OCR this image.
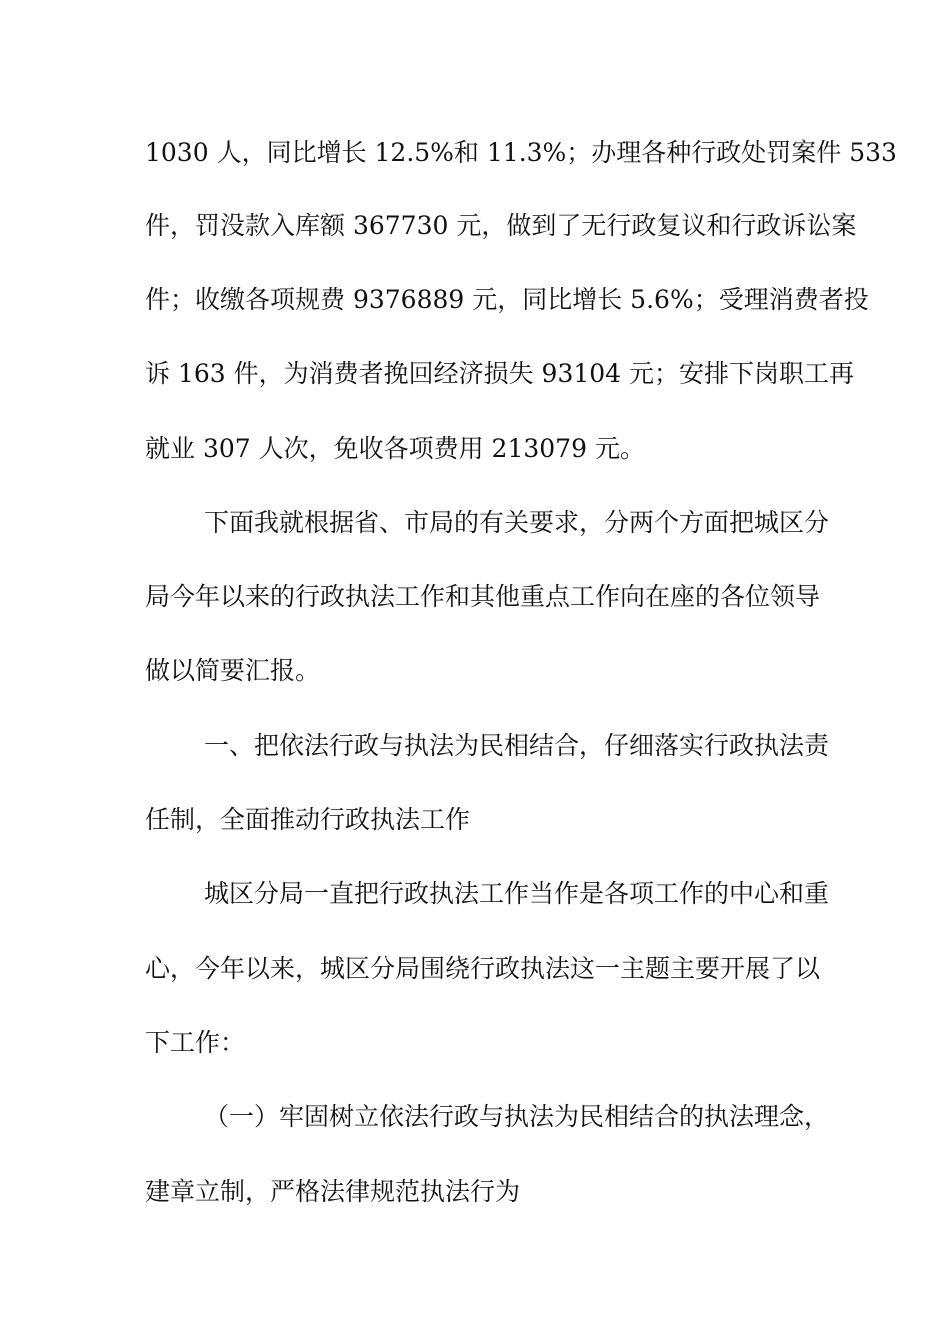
1030 人，同比增长 12.5%和 11.3%；办理各种行政处罚案件 533
件，罚没款入库额 367730 元，做到了无行政复议和行政诉讼案
件；收缴各项规费 9376889 元，同比增长 5.6%；受理消费者投
诉 163 件，为消费者挽回经济损失 93104 元；安排下岗职工再
就业 307 人次，免收各项费用 213079 元。
下面我就根据省、市局的有关要求，分两个方面把城区分
局今年以来的行政执法工作和其他重点工作向在座的各位领导
做以简要汇报。
一、把依法行政与执法为民相结合，仔细落实行政执法责
任制，全面推动行政执法工作
城区分局一直把行政执法工作当作是各项工作的中心和重
心，今年以来，城区分局围绕行政执法这一主题主要开展了以
下工作：
（一）牢固树立依法行政与执法为民相结合的执法理念，
建章立制，严格法律规范执法行为
